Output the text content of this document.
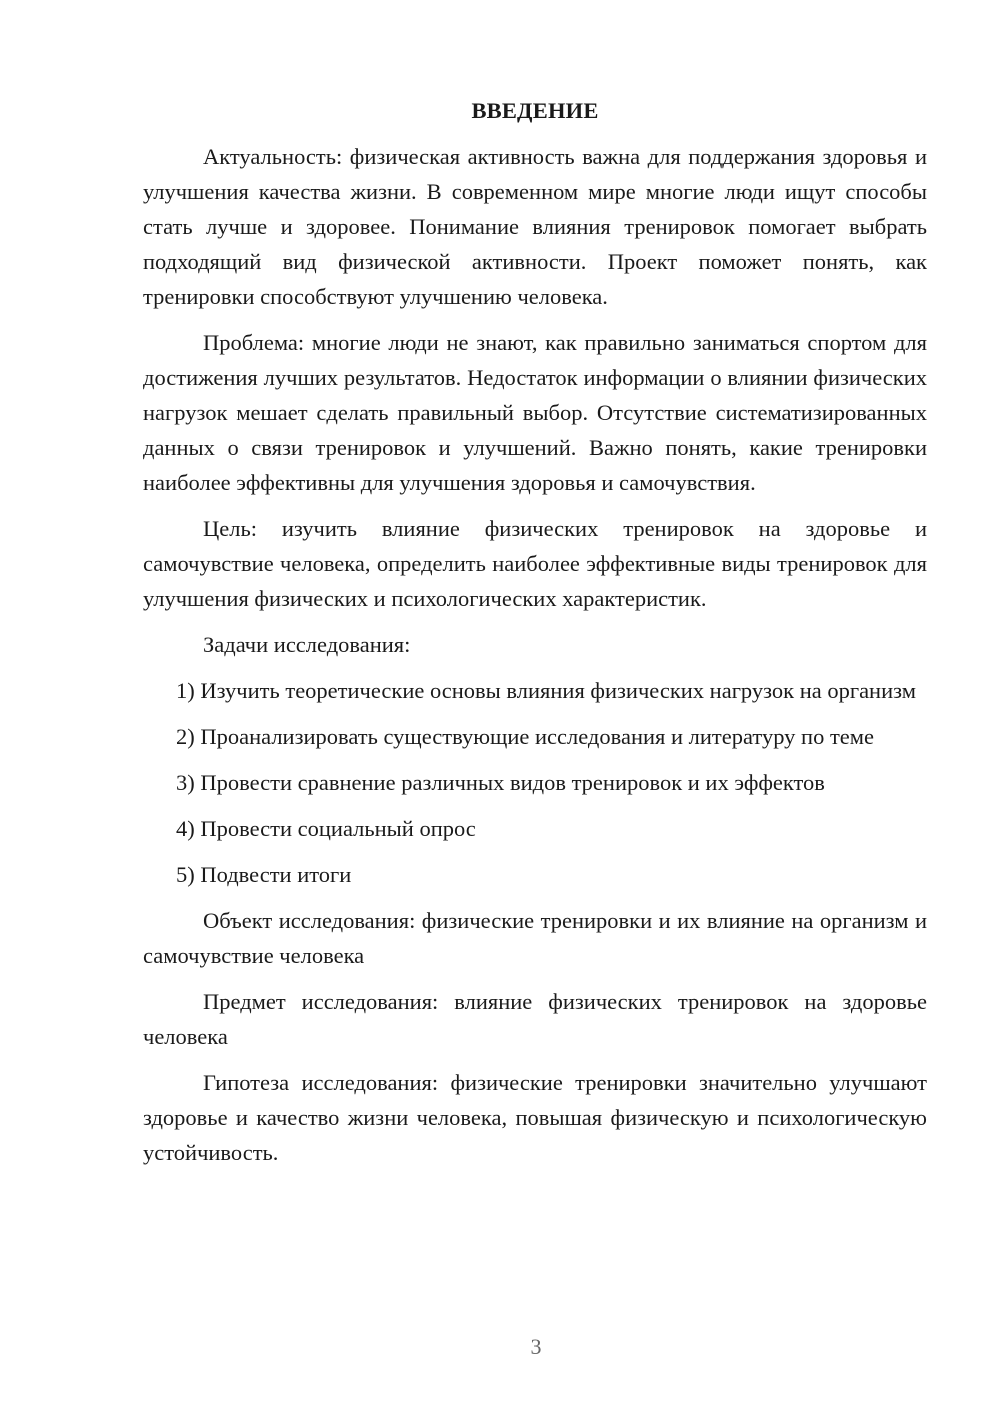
ВВЕДЕНИЕ

Актуальность: физическая активность важна для поддержания здоровья и улучшения качества жизни. В современном мире многие люди ищут способы стать лучше и здоровее. Понимание влияния тренировок помогает выбрать подходящий вид физической активности. Проект поможет понять, как тренировки способствуют улучшению человека.

Проблема: многие люди не знают, как правильно заниматься спортом для достижения лучших результатов. Недостаток информации о влиянии физических нагрузок мешает сделать правильный выбор. Отсутствие систематизированных данных о связи тренировок и улучшений. Важно понять, какие тренировки наиболее эффективны для улучшения здоровья и самочувствия.

Цель: изучить влияние физических тренировок на здоровье и самочувствие человека, определить наиболее эффективные виды тренировок для улучшения физических и психологических характеристик.

Задачи исследования:

1) Изучить теоретические основы влияния физических нагрузок на организм

2) Проанализировать существующие исследования и литературу по теме

3) Провести сравнение различных видов тренировок и их эффектов

4) Провести социальный опрос

5) Подвести итоги

Объект исследования: физические тренировки и их влияние на организм и самочувствие человека

Предмет исследования: влияние физических тренировок на здоровье человека

Гипотеза исследования: физические тренировки значительно улучшают здоровье и качество жизни человека, повышая физическую и психологическую устойчивость.

3
